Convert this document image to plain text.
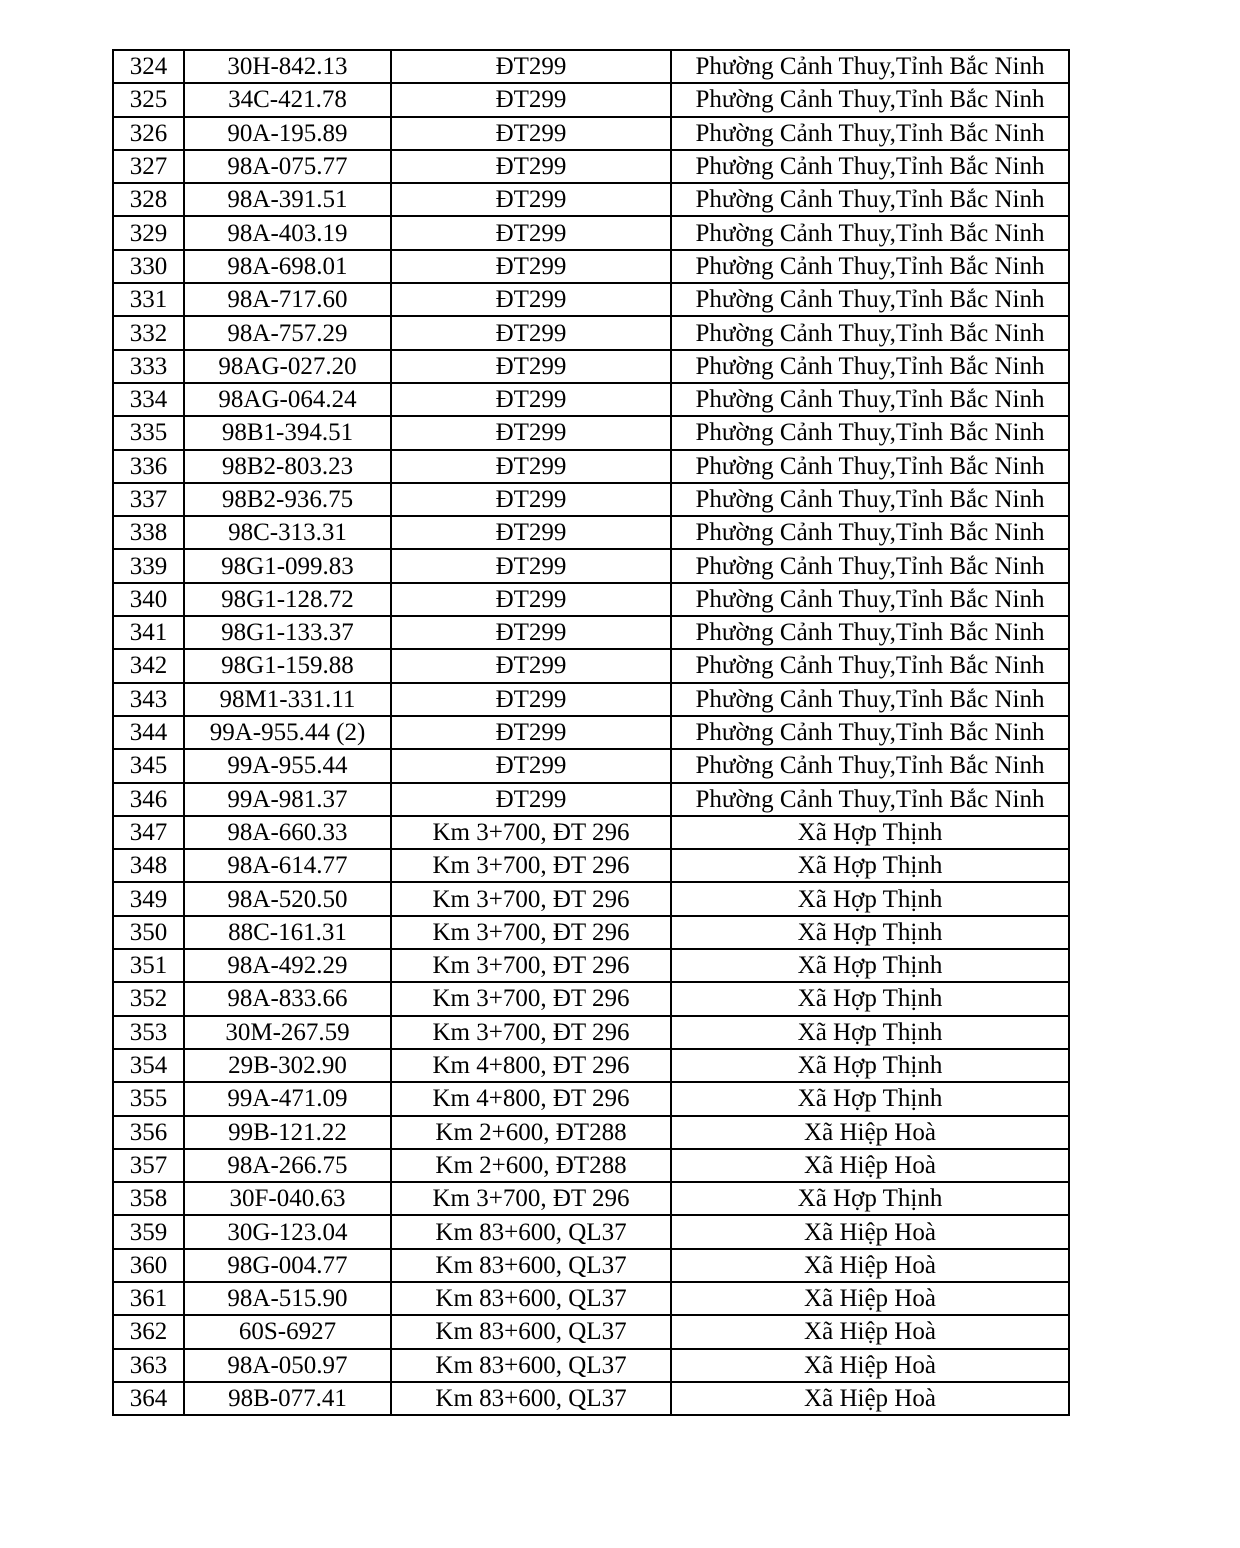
324	30H-842.13	ĐT299	Phường Cảnh Thuy,Tỉnh Bắc Ninh
325	34C-421.78	ĐT299	Phường Cảnh Thuy,Tỉnh Bắc Ninh
326	90A-195.89	ĐT299	Phường Cảnh Thuy,Tỉnh Bắc Ninh
327	98A-075.77	ĐT299	Phường Cảnh Thuy,Tỉnh Bắc Ninh
328	98A-391.51	ĐT299	Phường Cảnh Thuy,Tỉnh Bắc Ninh
329	98A-403.19	ĐT299	Phường Cảnh Thuy,Tỉnh Bắc Ninh
330	98A-698.01	ĐT299	Phường Cảnh Thuy,Tỉnh Bắc Ninh
331	98A-717.60	ĐT299	Phường Cảnh Thuy,Tỉnh Bắc Ninh
332	98A-757.29	ĐT299	Phường Cảnh Thuy,Tỉnh Bắc Ninh
333	98AG-027.20	ĐT299	Phường Cảnh Thuy,Tỉnh Bắc Ninh
334	98AG-064.24	ĐT299	Phường Cảnh Thuy,Tỉnh Bắc Ninh
335	98B1-394.51	ĐT299	Phường Cảnh Thuy,Tỉnh Bắc Ninh
336	98B2-803.23	ĐT299	Phường Cảnh Thuy,Tỉnh Bắc Ninh
337	98B2-936.75	ĐT299	Phường Cảnh Thuy,Tỉnh Bắc Ninh
338	98C-313.31	ĐT299	Phường Cảnh Thuy,Tỉnh Bắc Ninh
339	98G1-099.83	ĐT299	Phường Cảnh Thuy,Tỉnh Bắc Ninh
340	98G1-128.72	ĐT299	Phường Cảnh Thuy,Tỉnh Bắc Ninh
341	98G1-133.37	ĐT299	Phường Cảnh Thuy,Tỉnh Bắc Ninh
342	98G1-159.88	ĐT299	Phường Cảnh Thuy,Tỉnh Bắc Ninh
343	98M1-331.11	ĐT299	Phường Cảnh Thuy,Tỉnh Bắc Ninh
344	99A-955.44 (2)	ĐT299	Phường Cảnh Thuy,Tỉnh Bắc Ninh
345	99A-955.44	ĐT299	Phường Cảnh Thuy,Tỉnh Bắc Ninh
346	99A-981.37	ĐT299	Phường Cảnh Thuy,Tỉnh Bắc Ninh
347	98A-660.33	Km 3+700, ĐT 296	Xã Hợp Thịnh
348	98A-614.77	Km 3+700, ĐT 296	Xã Hợp Thịnh
349	98A-520.50	Km 3+700, ĐT 296	Xã Hợp Thịnh
350	88C-161.31	Km 3+700, ĐT 296	Xã Hợp Thịnh
351	98A-492.29	Km 3+700, ĐT 296	Xã Hợp Thịnh
352	98A-833.66	Km 3+700, ĐT 296	Xã Hợp Thịnh
353	30M-267.59	Km 3+700, ĐT 296	Xã Hợp Thịnh
354	29B-302.90	Km 4+800, ĐT 296	Xã Hợp Thịnh
355	99A-471.09	Km 4+800, ĐT 296	Xã Hợp Thịnh
356	99B-121.22	Km 2+600, ĐT288	Xã Hiệp Hoà
357	98A-266.75	Km 2+600, ĐT288	Xã Hiệp Hoà
358	30F-040.63	Km 3+700, ĐT 296	Xã Hợp Thịnh
359	30G-123.04	Km 83+600, QL37	Xã Hiệp Hoà
360	98G-004.77	Km 83+600, QL37	Xã Hiệp Hoà
361	98A-515.90	Km 83+600, QL37	Xã Hiệp Hoà
362	60S-6927	Km 83+600, QL37	Xã Hiệp Hoà
363	98A-050.97	Km 83+600, QL37	Xã Hiệp Hoà
364	98B-077.41	Km 83+600, QL37	Xã Hiệp Hoà
